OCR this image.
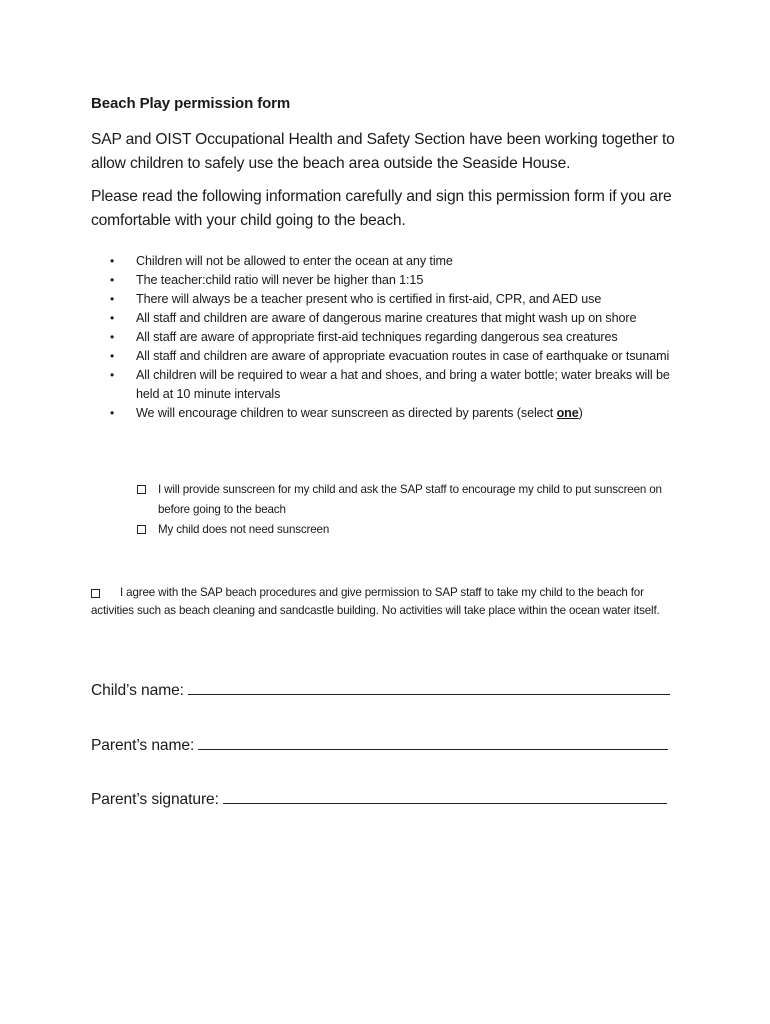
Beach Play permission form
SAP and OIST Occupational Health and Safety Section have been working together to allow children to safely use the beach area outside the Seaside House.
Please read the following information carefully and sign this permission form if you are comfortable with your child going to the beach.
• Children will not be allowed to enter the ocean at any time
• The teacher:child ratio will never be higher than 1:15
• There will always be a teacher present who is certified in first-aid, CPR, and AED use
• All staff and children are aware of dangerous marine creatures that might wash up on shore
• All staff are aware of appropriate first-aid techniques regarding dangerous sea creatures
• All staff and children are aware of appropriate evacuation routes in case of earthquake or tsunami
• All children will be required to wear a hat and shoes, and bring a water bottle; water breaks will be held at 10 minute intervals
• We will encourage children to wear sunscreen as directed by parents (select one)
I will provide sunscreen for my child and ask the SAP staff to encourage my child to put sunscreen on before going to the beach
My child does not need sunscreen
I agree with the SAP beach procedures and give permission to SAP staff to take my child to the beach for activities such as beach cleaning and sandcastle building. No activities will take place within the ocean water itself.
Child’s name:
Parent’s name:
Parent’s signature:
